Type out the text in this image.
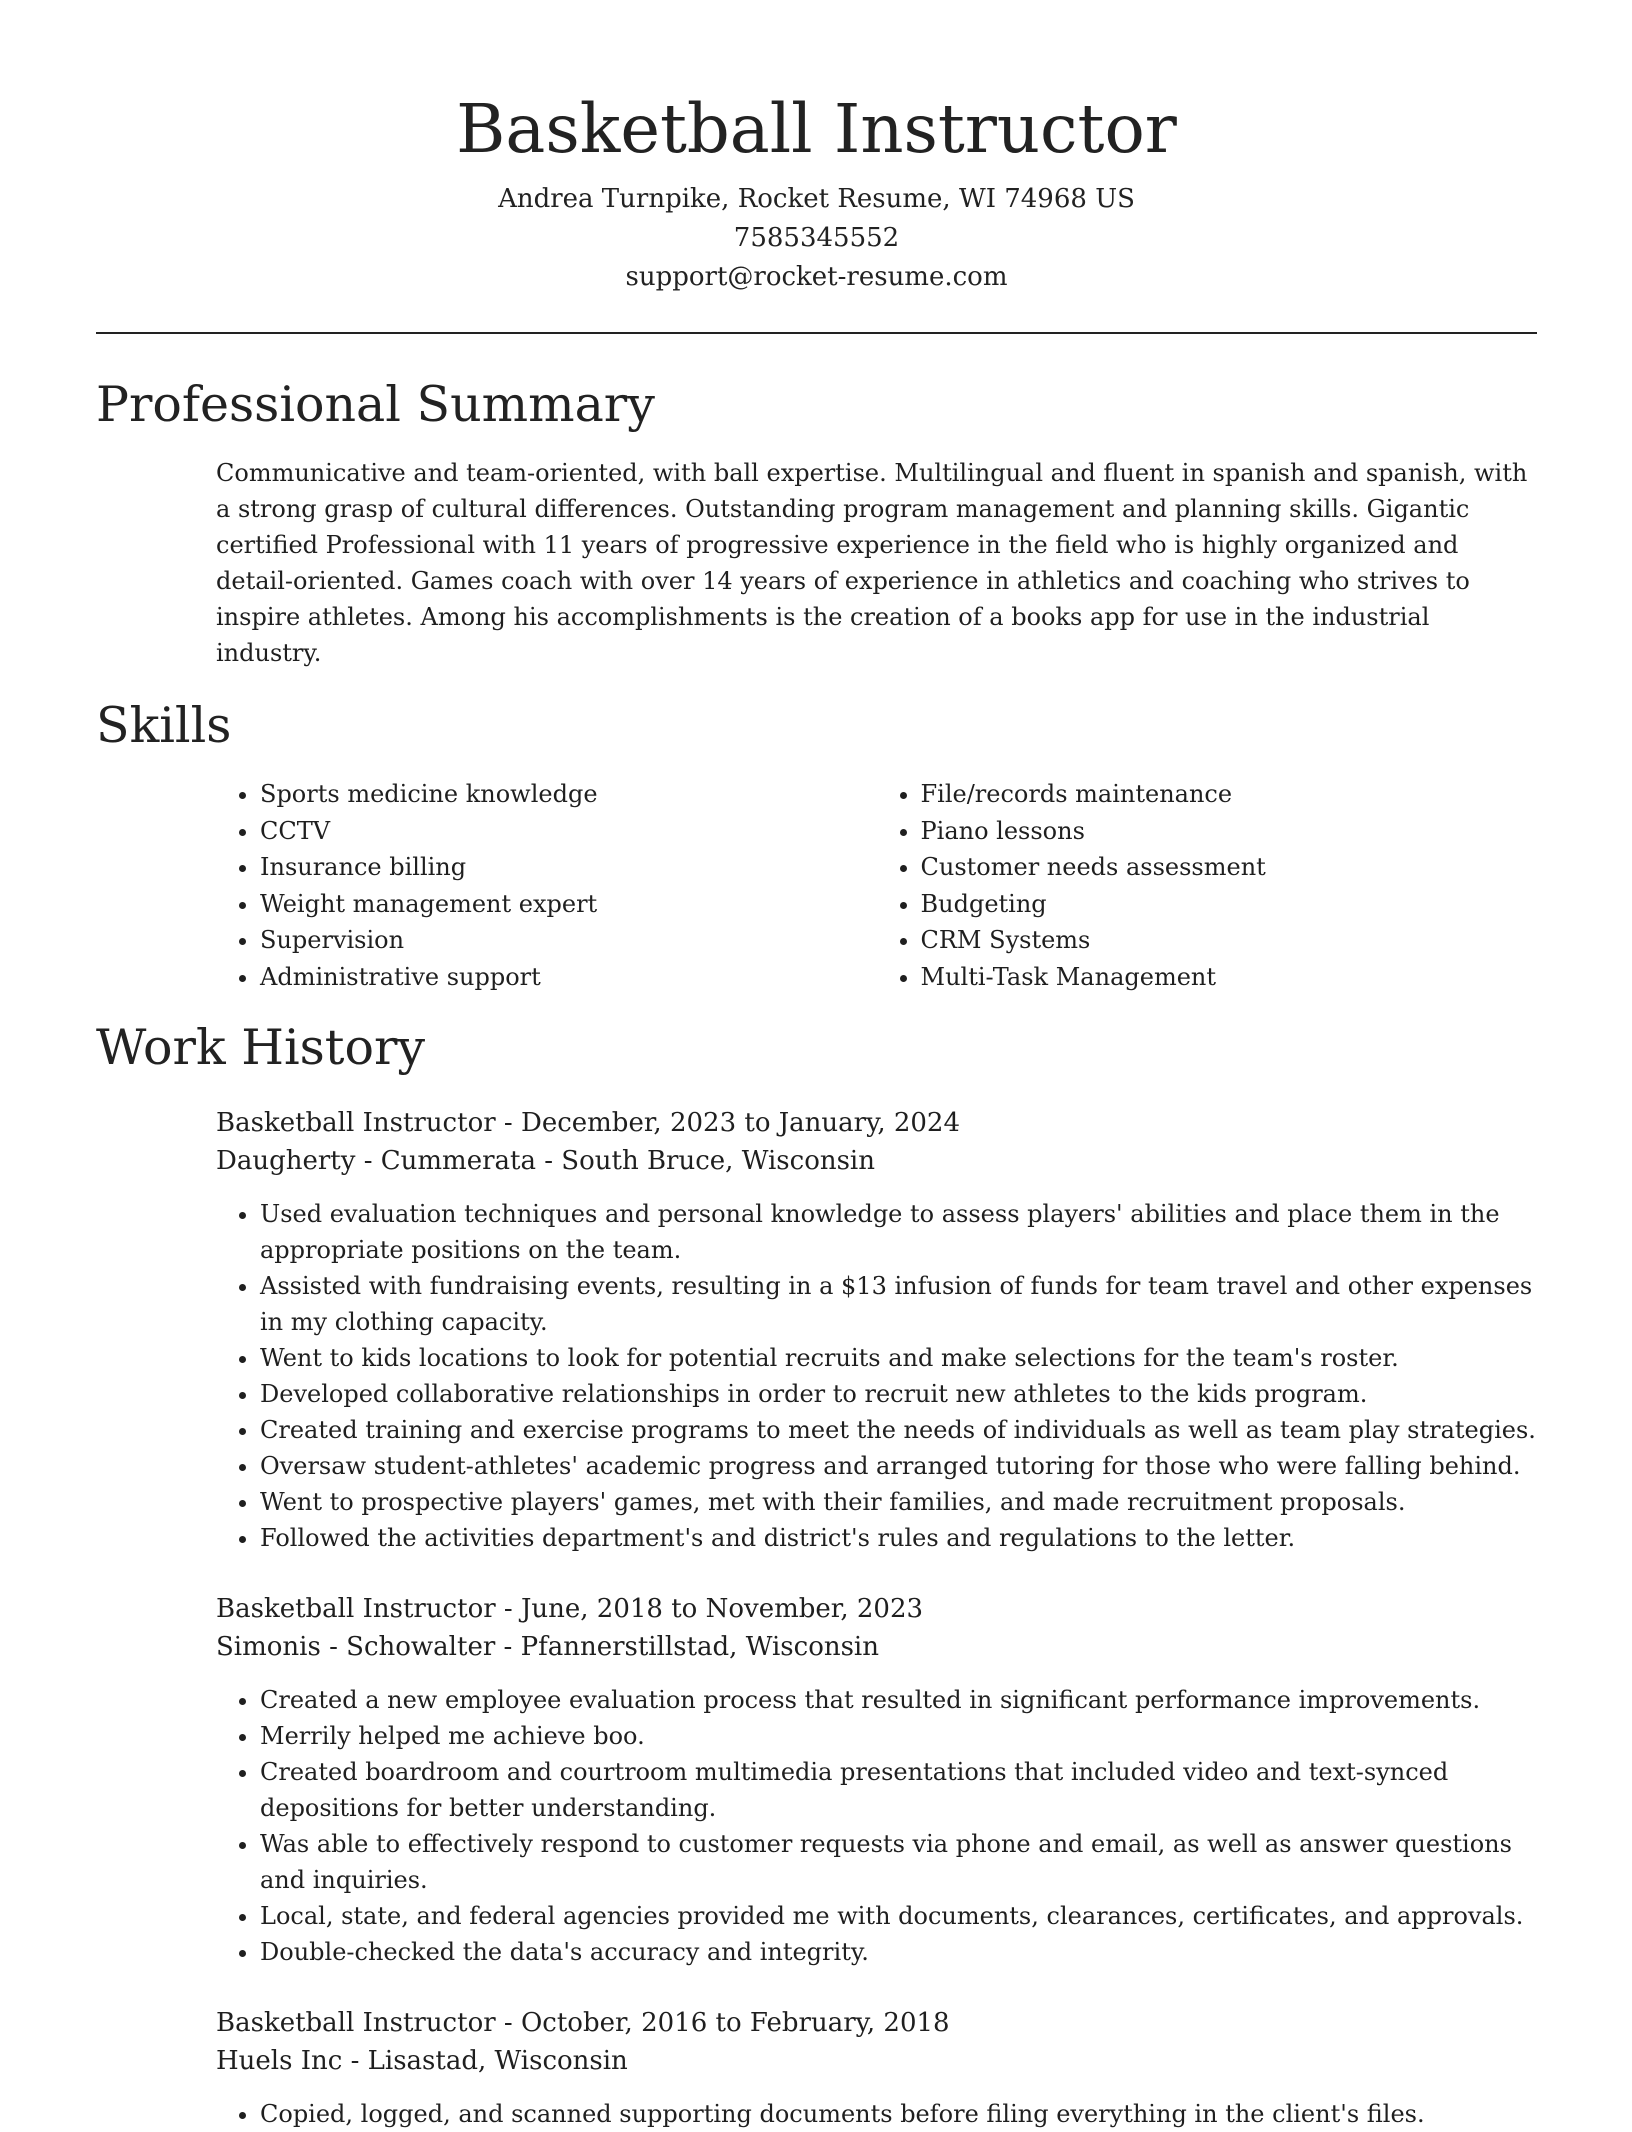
Basketball Instructor
Andrea Turnpike, Rocket Resume, WI 74968 US
7585345552
support@rocket-resume.com
Professional Summary

Communicative and team-oriented, with ball expertise. Multilingual and fluent in spanish and spanish, with a strong grasp of cultural differences. Outstanding program management and planning skills. Gigantic certified Professional with 11 years of progressive experience in the field who is highly organized and detail-oriented. Games coach with over 14 years of experience in athletics and coaching who strives to inspire athletes. Among his accomplishments is the creation of a books app for use in the industrial industry.

Skills
• Sports medicine knowledge
• CCTV
• Insurance billing
• Weight management expert
• Supervision
• Administrative support
• File/records maintenance
• Piano lessons
• Customer needs assessment
• Budgeting
• CRM Systems
• Multi-Task Management
Work History
Basketball Instructor - December, 2023 to January, 2024
Daugherty - Cummerata - South Bruce, Wisconsin
• Used evaluation techniques and personal knowledge to assess players' abilities and place them in the appropriate positions on the team.
• Assisted with fundraising events, resulting in a $13 infusion of funds for team travel and other expenses in my clothing capacity.
• Went to kids locations to look for potential recruits and make selections for the team's roster.
• Developed collaborative relationships in order to recruit new athletes to the kids program.
• Created training and exercise programs to meet the needs of individuals as well as team play strategies.
• Oversaw student-athletes' academic progress and arranged tutoring for those who were falling behind.
• Went to prospective players' games, met with their families, and made recruitment proposals.
• Followed the activities department's and district's rules and regulations to the letter.
Basketball Instructor - June, 2018 to November, 2023
Simonis - Schowalter - Pfannerstillstad, Wisconsin
• Created a new employee evaluation process that resulted in significant performance improvements.
• Merrily helped me achieve boo.
• Created boardroom and courtroom multimedia presentations that included video and text-synced depositions for better understanding.
• Was able to effectively respond to customer requests via phone and email, as well as answer questions and inquiries.
• Local, state, and federal agencies provided me with documents, clearances, certificates, and approvals.
• Double-checked the data's accuracy and integrity.
Basketball Instructor - October, 2016 to February, 2018
Huels Inc - Lisastad, Wisconsin
• Copied, logged, and scanned supporting documents before filing everything in the client's files.
